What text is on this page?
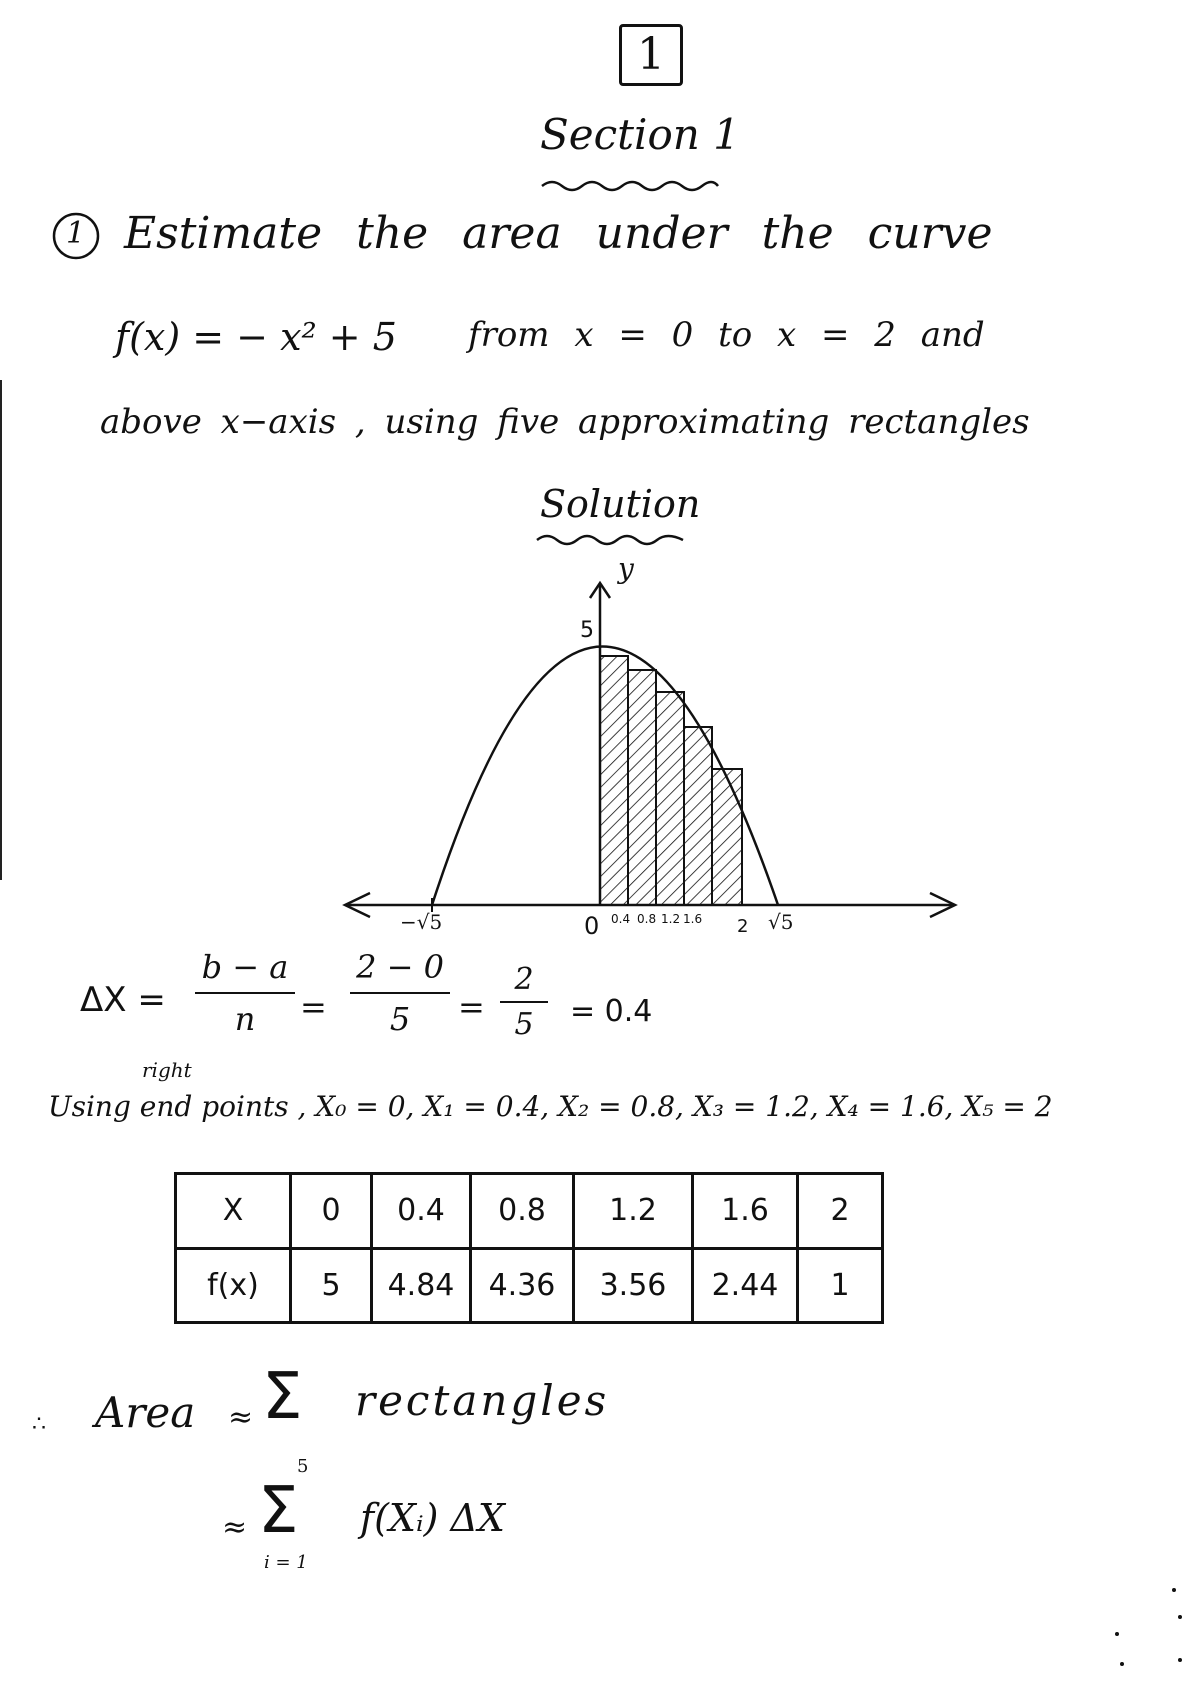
1
Section 1
1 Estimate the area under the curve
f(x) = − x² + 5 from x = 0 to x = 2 and
above x−axis , using five approximating rectangles
Solution
y
5
−√5	0 0.4 0.8 1.2 1.6 2 √5
ΔX =
b − a
n	=
2 − 0
5	=
2
5	= 0.4
right
Using end points , X₀ = 0, X₁ = 0.4, X₂ = 0.8, X₃ = 1.2, X₄ = 1.6, X₅ = 2
X	0	0.4	0.8	1.2	1.6	2
f(x)	5	4.84	4.36	3.56	2.44	1
∴ Area ≈ Σ rectangles
≈
5
Σ
i = 1
f(Xᵢ) ΔX
